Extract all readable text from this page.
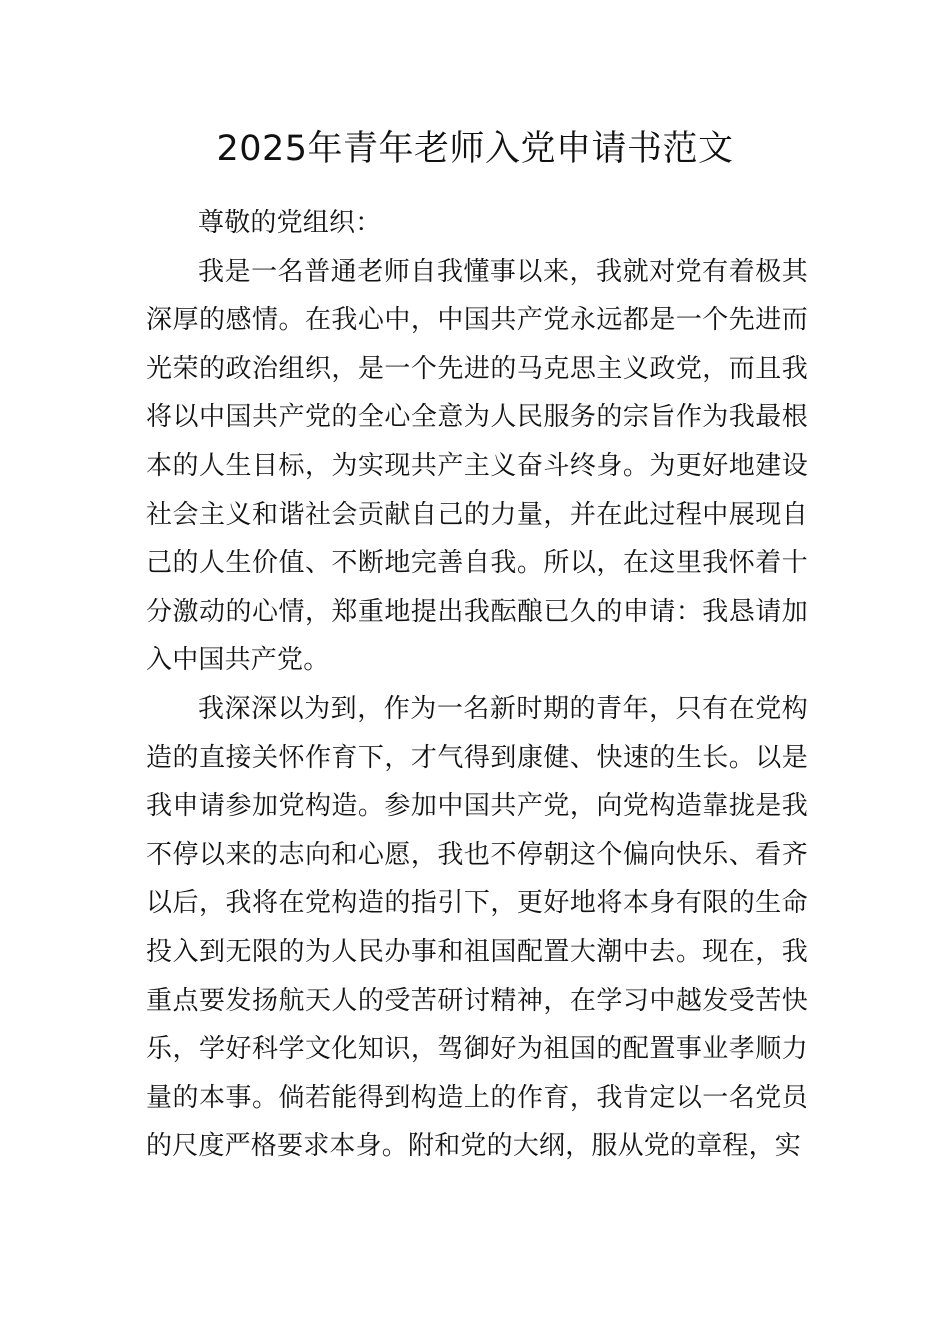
2025年青年老师入党申请书范文

尊敬的党组织：

我是一名普通老师自我懂事以来，我就对党有着极其深厚的感情。在我心中，中国共产党永远都是一个先进而光荣的政治组织，是一个先进的马克思主义政党，而且我将以中国共产党的全心全意为人民服务的宗旨作为我最根本的人生目标，为实现共产主义奋斗终身。为更好地建设社会主义和谐社会贡献自己的力量，并在此过程中展现自己的人生价值、不断地完善自我。所以，在这里我怀着十分激动的心情，郑重地提出我酝酿已久的申请：我恳请加入中国共产党。

我深深以为到，作为一名新时期的青年，只有在党构造的直接关怀作育下，才气得到康健、快速的生长。以是我申请参加党构造。参加中国共产党，向党构造靠拢是我不停以来的志向和心愿，我也不停朝这个偏向快乐、看齐以后，我将在党构造的指引下，更好地将本身有限的生命投入到无限的为人民办事和祖国配置大潮中去。现在，我重点要发扬航天人的受苦研讨精神，在学习中越发受苦快乐，学好科学文化知识，驾御好为祖国的配置事业孝顺力量的本事。倘若能得到构造上的作育，我肯定以一名党员的尺度严格要求本身。附和党的大纲，服从党的章程，实
